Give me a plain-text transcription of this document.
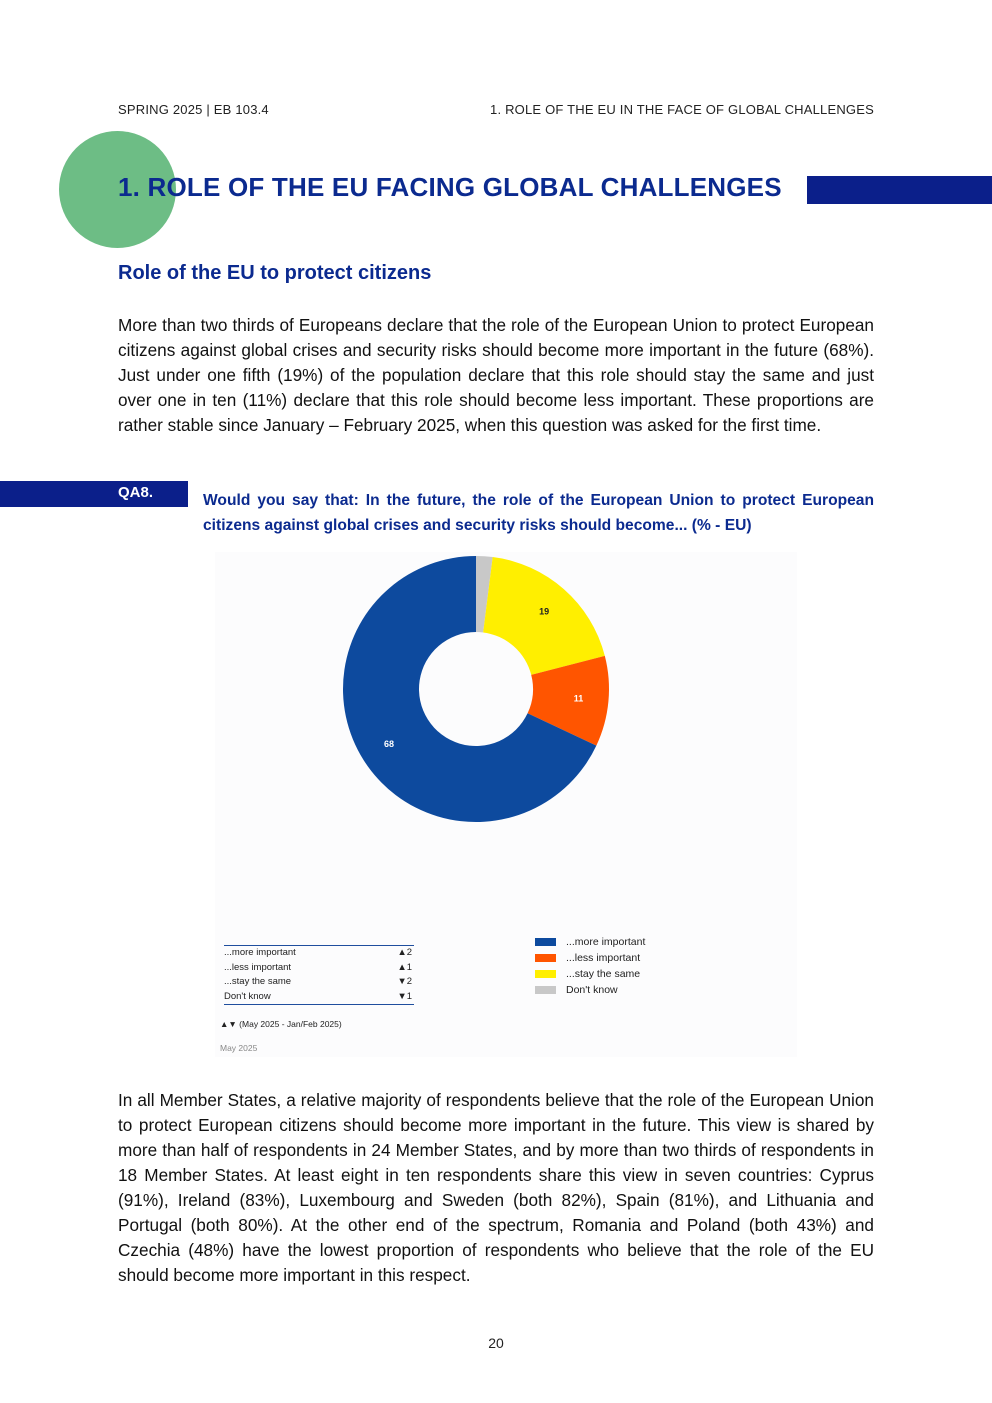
SPRING 2025 | EB 103.4	1. ROLE OF THE EU IN THE FACE OF GLOBAL CHALLENGES
1. ROLE OF THE EU FACING GLOBAL CHALLENGES
Role of the EU to protect citizens
More than two thirds of Europeans declare that the role of the European Union to protect European citizens against global crises and security risks should become more important in the future (68%). Just under one fifth (19%) of the population declare that this role should stay the same and just over one in ten (11%) declare that this role should become less important. These proportions are rather stable since January – February 2025, when this question was asked for the first time.
QA8.	Would you say that: In the future, the role of the European Union to protect European citizens against global crises and security risks should become... (% - EU)
19
11
68
...more important	▲2
...less important	▲1
...stay the same	▼2
Don't know	▼1
▲▼ (May 2025 - Jan/Feb 2025)
May 2025
...more important
...less important
...stay the same
Don't know
In all Member States, a relative majority of respondents believe that the role of the European Union to protect European citizens should become more important in the future. This view is shared by more than half of respondents in 24 Member States, and by more than two thirds of respondents in 18 Member States. At least eight in ten respondents share this view in seven countries: Cyprus (91%), Ireland (83%), Luxembourg and Sweden (both 82%), Spain (81%), and Lithuania and Portugal (both 80%). At the other end of the spectrum, Romania and Poland (both 43%) and Czechia (48%) have the lowest proportion of respondents who believe that the role of the EU should become more important in this respect.
20
